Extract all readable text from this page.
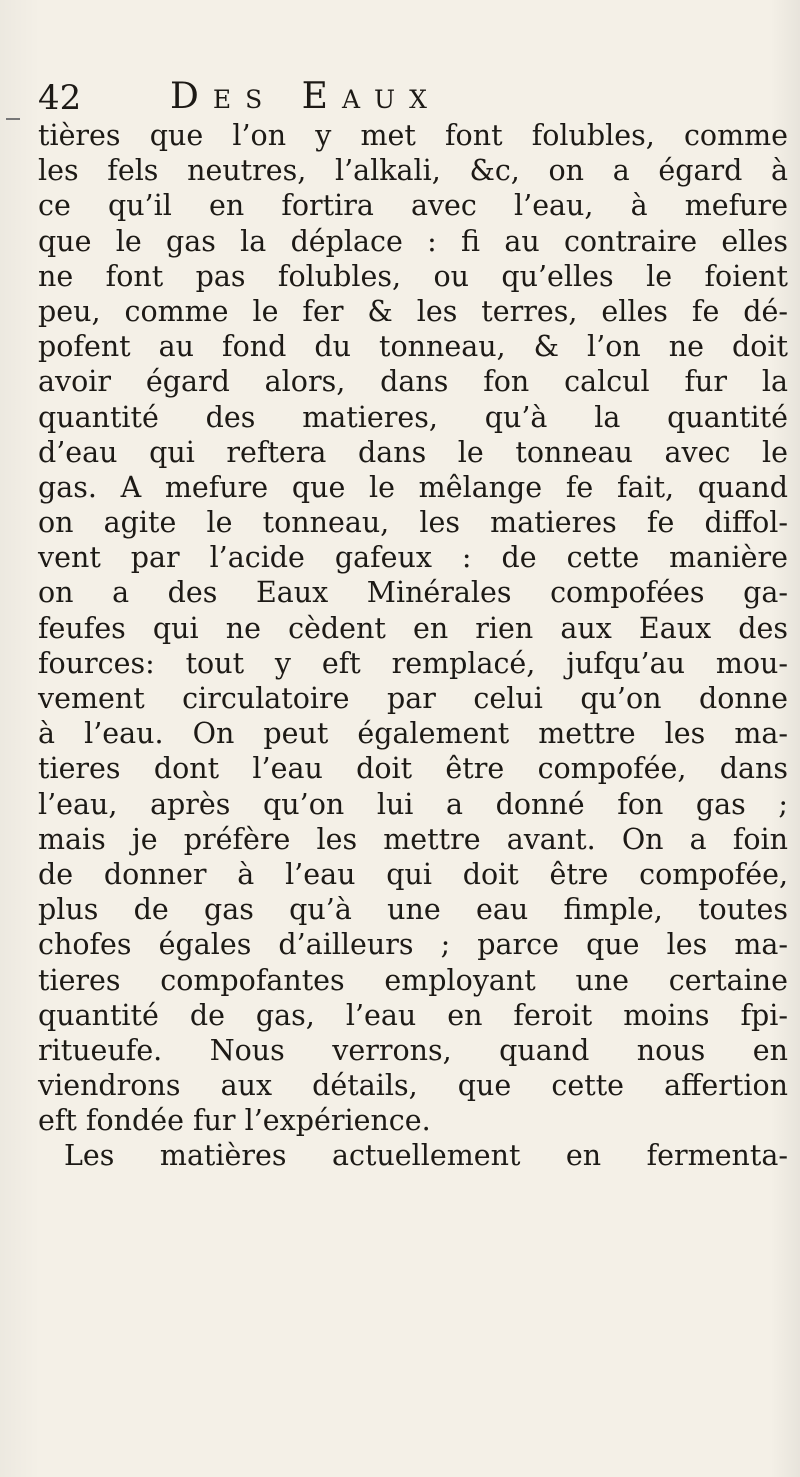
42 Des Eaux
tières que l’on y met font folubles, comme
les fels neutres, l’alkali, &c, on a égard à
ce qu’il en fortira avec l’eau, à mefure
que le gas la déplace : fi au contraire elles
ne font pas folubles, ou qu’elles le foient
peu, comme le fer & les terres, elles fe dé-
pofent au fond du tonneau, & l’on ne doit
avoir égard alors, dans fon calcul fur la
quantité des matieres, qu’à la quantité
d’eau qui reftera dans le tonneau avec le
gas. A mefure que le mêlange fe fait, quand
on agite le tonneau, les matieres fe diffol-
vent par l’acide gafeux : de cette manière
on a des Eaux Minérales compofées ga-
feufes qui ne cèdent en rien aux Eaux des
fources: tout y eft remplacé, jufqu’au mou-
vement circulatoire par celui qu’on donne
à l’eau. On peut également mettre les ma-
tieres dont l’eau doit être compofée, dans
l’eau, après qu’on lui a donné fon gas ;
mais je préfère les mettre avant. On a foin
de donner à l’eau qui doit être compofée,
plus de gas qu’à une eau fimple, toutes
chofes égales d’ailleurs ; parce que les ma-
tieres compofantes employant une certaine
quantité de gas, l’eau en feroit moins fpi-
ritueufe. Nous verrons, quand nous en
viendrons aux détails, que cette affertion
eft fondée fur l’expérience.
Les matières actuellement en fermenta-
